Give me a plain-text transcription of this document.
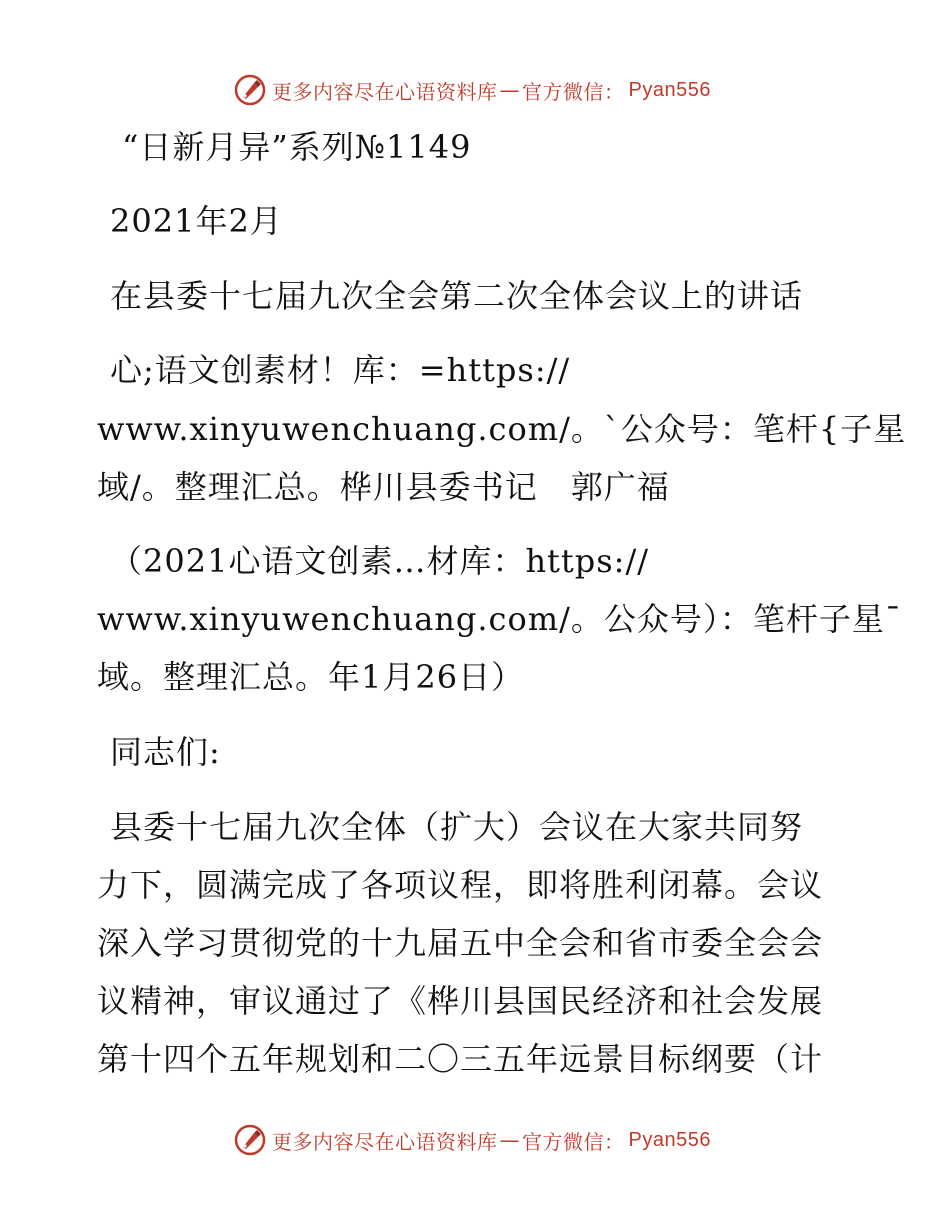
更多内容尽在心语资料库 — 官方微信： Pyan556
“日新月异”系列№1149
2021年2月
在县委十七届九次全会第二次全体会议上的讲话
心;语文创素材！库：=https://
www.xinyuwenchuang.com/。`公众号：笔杆{子星
域/。整理汇总。桦川县委书记　郭广福
（2021心语文创素…材库：https://
www.xinyuwenchuang.com/。公众号）：笔杆子星¯
域。整理汇总。年1月26日）
同志们:
县委十七届九次全体（扩大）会议在大家共同努
力下，圆满完成了各项议程，即将胜利闭幕。会议
深入学习贯彻党的十九届五中全会和省市委全会会
议精神，审议通过了《桦川县国民经济和社会发展
第十四个五年规划和二〇三五年远景目标纲要（计
更多内容尽在心语资料库 — 官方微信： Pyan556
